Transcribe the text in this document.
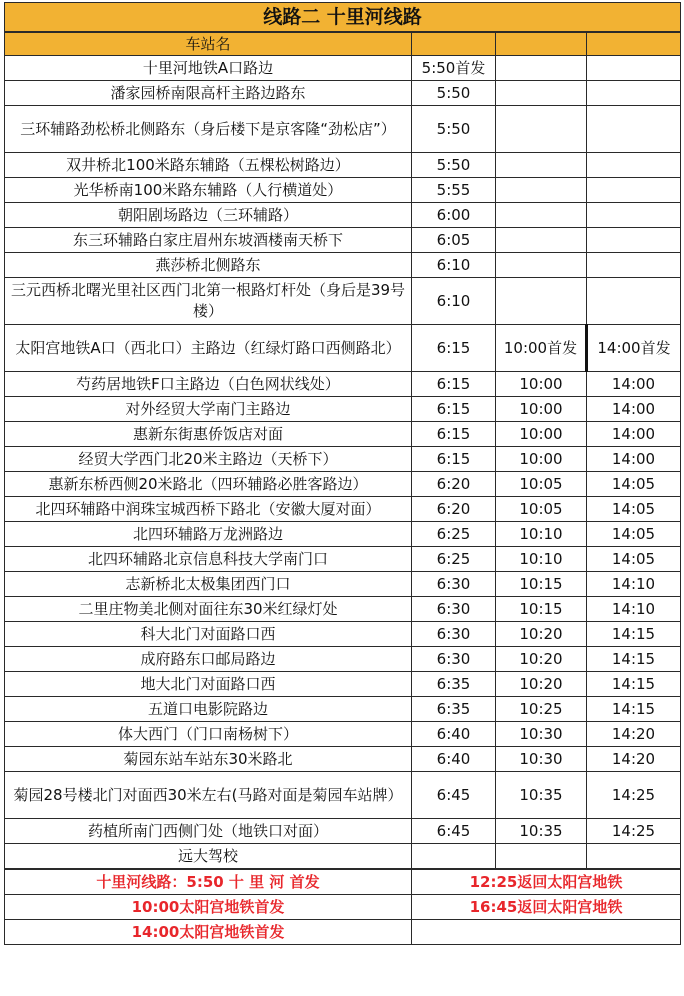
线路二 十里河线路			
车站名			
十里河地铁A口路边	5:50首发		
潘家园桥南限高杆主路边路东	5:50		
三环辅路劲松桥北侧路东（身后楼下是京客隆“劲松店”）	5:50		
双井桥北100米路东辅路（五棵松树路边）	5:50		
光华桥南100米路东辅路（人行横道处）	5:55		
朝阳剧场路边（三环辅路）	6:00		
东三环辅路白家庄眉州东坡酒楼南天桥下	6:05		
燕莎桥北侧路东	6:10		
三元西桥北曙光里社区西门北第一根路灯杆处（身后是39号楼）	6:10		
太阳宫地铁A口（西北口）主路边（红绿灯路口西侧路北）	6:15	10:00首发	14:00首发
芍药居地铁F口主路边（白色网状线处）	6:15	10:00	14:00
对外经贸大学南门主路边	6:15	10:00	14:00
惠新东街惠侨饭店对面	6:15	10:00	14:00
经贸大学西门北20米主路边（天桥下）	6:15	10:00	14:00
惠新东桥西侧20米路北（四环辅路必胜客路边）	6:20	10:05	14:05
北四环辅路中润珠宝城西桥下路北（安徽大厦对面）	6:20	10:05	14:05
北四环辅路万龙洲路边	6:25	10:10	14:05
北四环辅路北京信息科技大学南门口	6:25	10:10	14:05
志新桥北太极集团西门口	6:30	10:15	14:10
二里庄物美北侧对面往东30米红绿灯处	6:30	10:15	14:10
科大北门对面路口西	6:30	10:20	14:15
成府路东口邮局路边	6:30	10:20	14:15
地大北门对面路口西	6:35	10:20	14:15
五道口电影院路边	6:35	10:25	14:15
体大西门（门口南杨树下）	6:40	10:30	14:20
菊园东站车站东30米路北	6:40	10:30	14:20
菊园28号楼北门对面西30米左右(马路对面是菊园车站牌）	6:45	10:35	14:25
药植所南门西侧门处（地铁口对面）	6:45	10:35	14:25
远大驾校			
十里河线路：5:50 十 里 河 首发	12:25返回太阳宫地铁		
10:00太阳宫地铁首发	16:45返回太阳宫地铁		
14:00太阳宫地铁首发			
